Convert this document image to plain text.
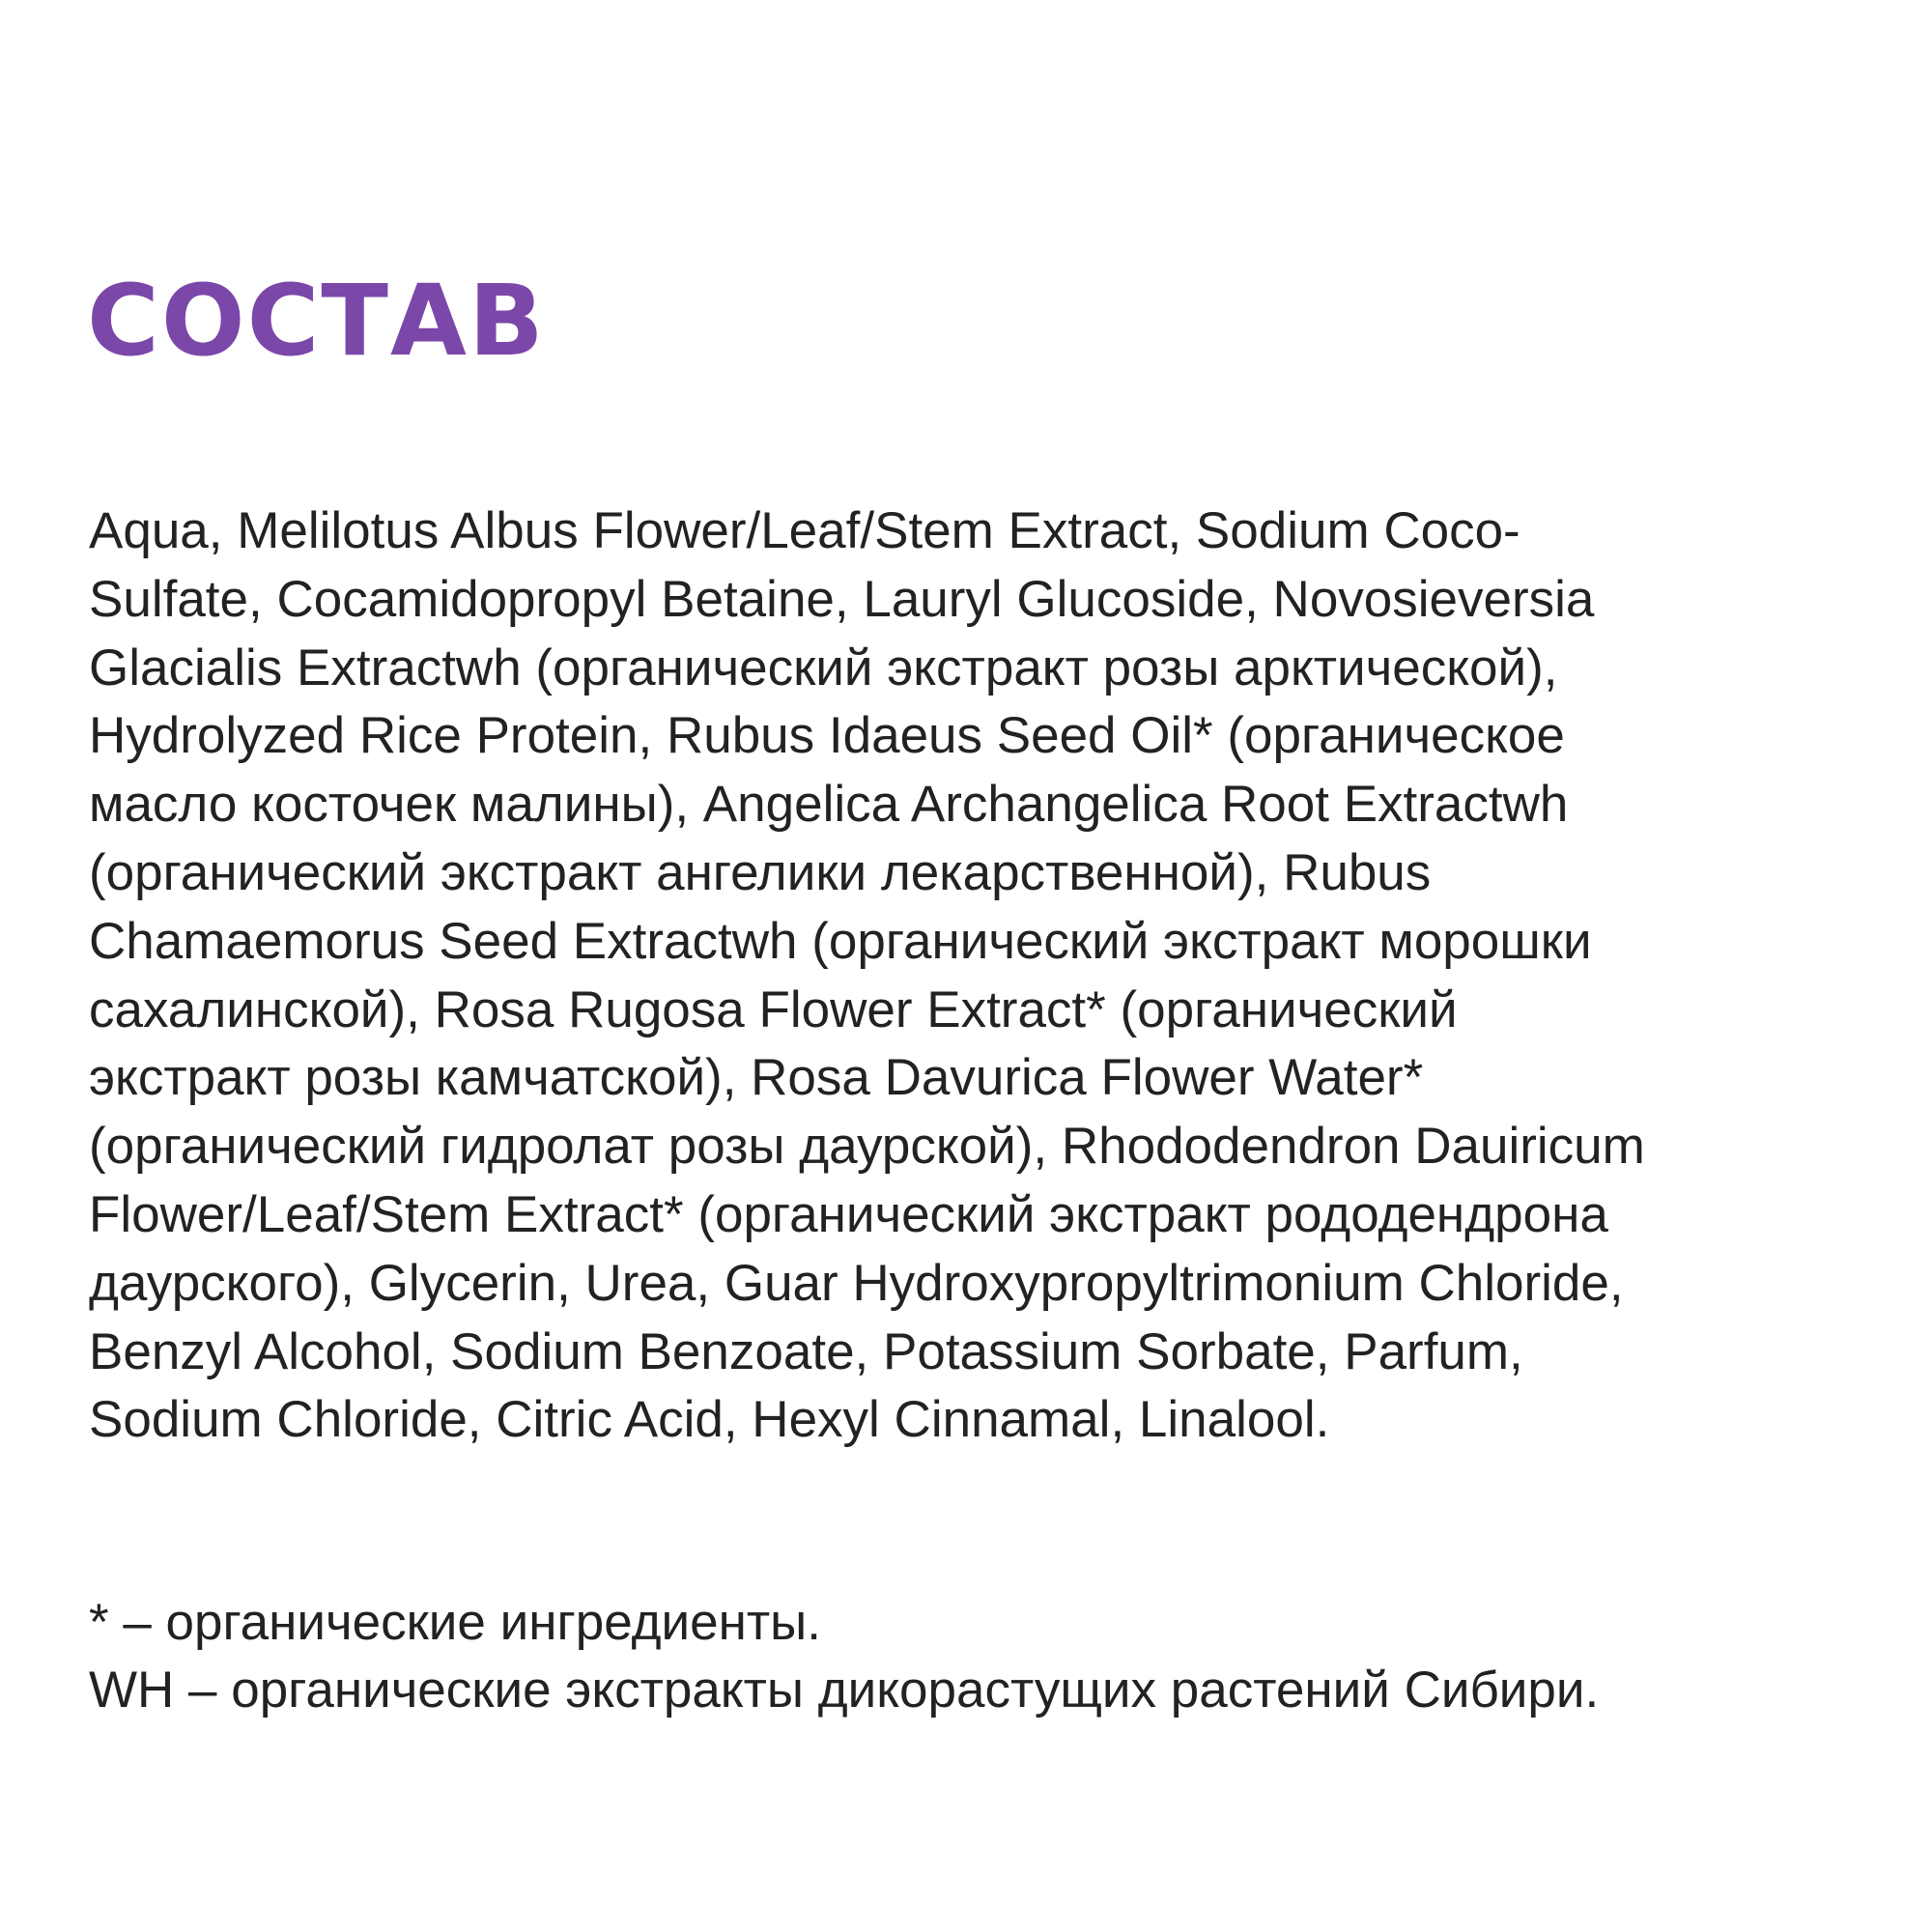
СОСТАВ
Aqua, Melilotus Albus Flower/Leaf/Stem Extract, Sodium Coco-
Sulfate, Cocamidopropyl Betaine, Lauryl Glucoside, Novosieversia
Glacialis Extractwh (органический экстракт розы арктической),
Hydrolyzed Rice Protein, Rubus Idaeus Seed Oil* (органическое
масло косточек малины), Angelica Archangelica Root Extractwh
(органический экстракт ангелики лекарственной), Rubus
Chamaemorus Seed Extractwh (органический экстракт морошки
сахалинской), Rosa Rugosa Flower Extract* (органический
экстракт розы камчатской), Rosa Davurica Flower Water*
(органический гидролат розы даурской), Rhododendron Dauiricum
Flower/Leaf/Stem Extract* (органический экстракт рододендрона
даурского), Glycerin, Urea, Guar Hydroxypropyltrimonium Chloride,
Benzyl Alcohol, Sodium Benzoate, Potassium Sorbate, Parfum,
Sodium Chloride, Citric Acid, Hexyl Cinnamal, Linalool.
* – органические ингредиенты.
WH – органические экстракты дикорастущих растений Сибири.
